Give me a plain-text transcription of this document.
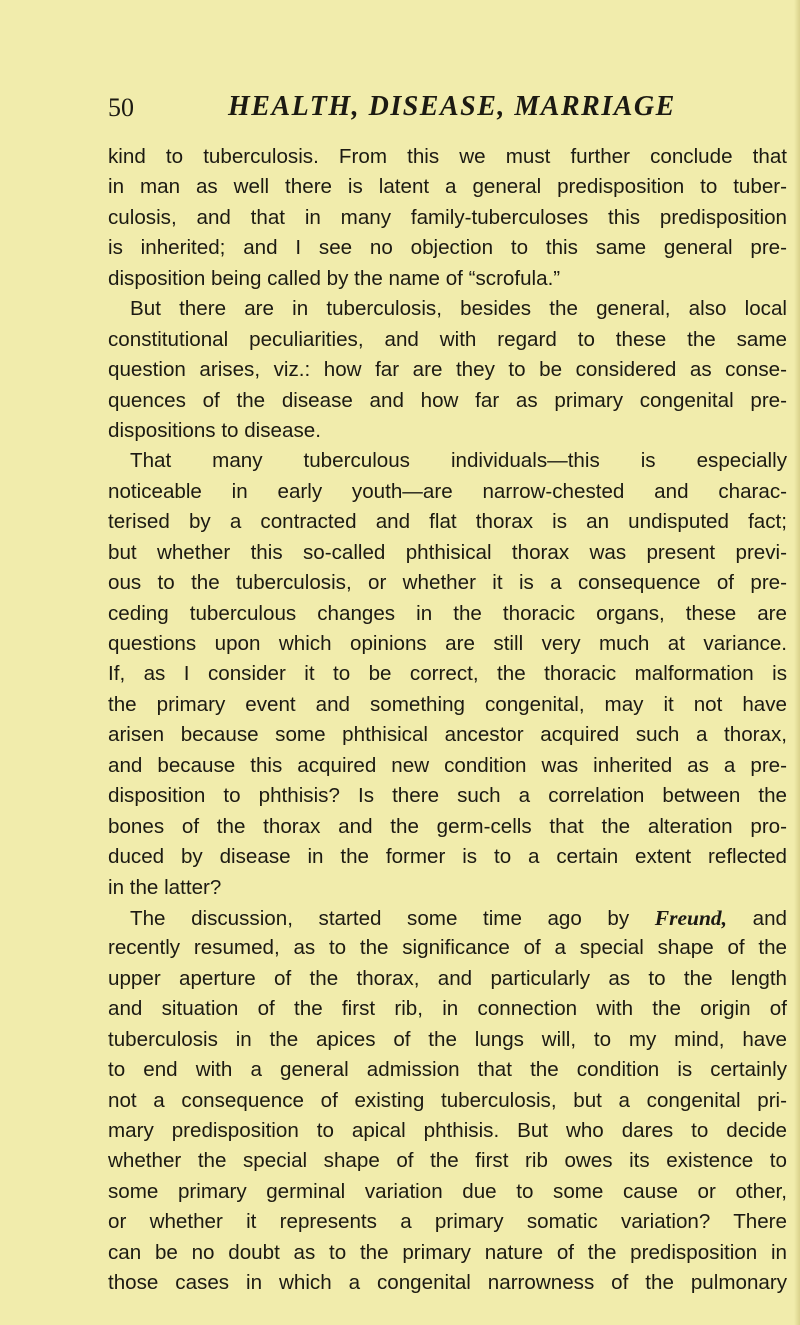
50	HEALTH, DISEASE, MARRIAGE
kind to tuberculosis. From this we must further conclude that
in man as well there is latent a general predisposition to tuber-
culosis, and that in many family-tuberculoses this predisposition
is inherited; and I see no objection to this same general pre-
disposition being called by the name of “scrofula.”
But there are in tuberculosis, besides the general, also local
constitutional peculiarities, and with regard to these the same
question arises, viz.: how far are they to be considered as conse-
quences of the disease and how far as primary congenital pre-
dispositions to disease.
That many tuberculous individuals—this is especially
noticeable in early youth—are narrow-chested and charac-
terised by a contracted and flat thorax is an undisputed fact;
but whether this so-called phthisical thorax was present previ-
ous to the tuberculosis, or whether it is a consequence of pre-
ceding tuberculous changes in the thoracic organs, these are
questions upon which opinions are still very much at variance.
If, as I consider it to be correct, the thoracic malformation is
the primary event and something congenital, may it not have
arisen because some phthisical ancestor acquired such a thorax,
and because this acquired new condition was inherited as a pre-
disposition to phthisis? Is there such a correlation between the
bones of the thorax and the germ-cells that the alteration pro-
duced by disease in the former is to a certain extent reflected
in the latter?
The discussion, started some time ago by Freund, and
recently resumed, as to the significance of a special shape of the
upper aperture of the thorax, and particularly as to the length
and situation of the first rib, in connection with the origin of
tuberculosis in the apices of the lungs will, to my mind, have
to end with a general admission that the condition is certainly
not a consequence of existing tuberculosis, but a congenital pri-
mary predisposition to apical phthisis. But who dares to decide
whether the special shape of the first rib owes its existence to
some primary germinal variation due to some cause or other,
or whether it represents a primary somatic variation? There
can be no doubt as to the primary nature of the predisposition in
those cases in which a congenital narrowness of the pulmonary
